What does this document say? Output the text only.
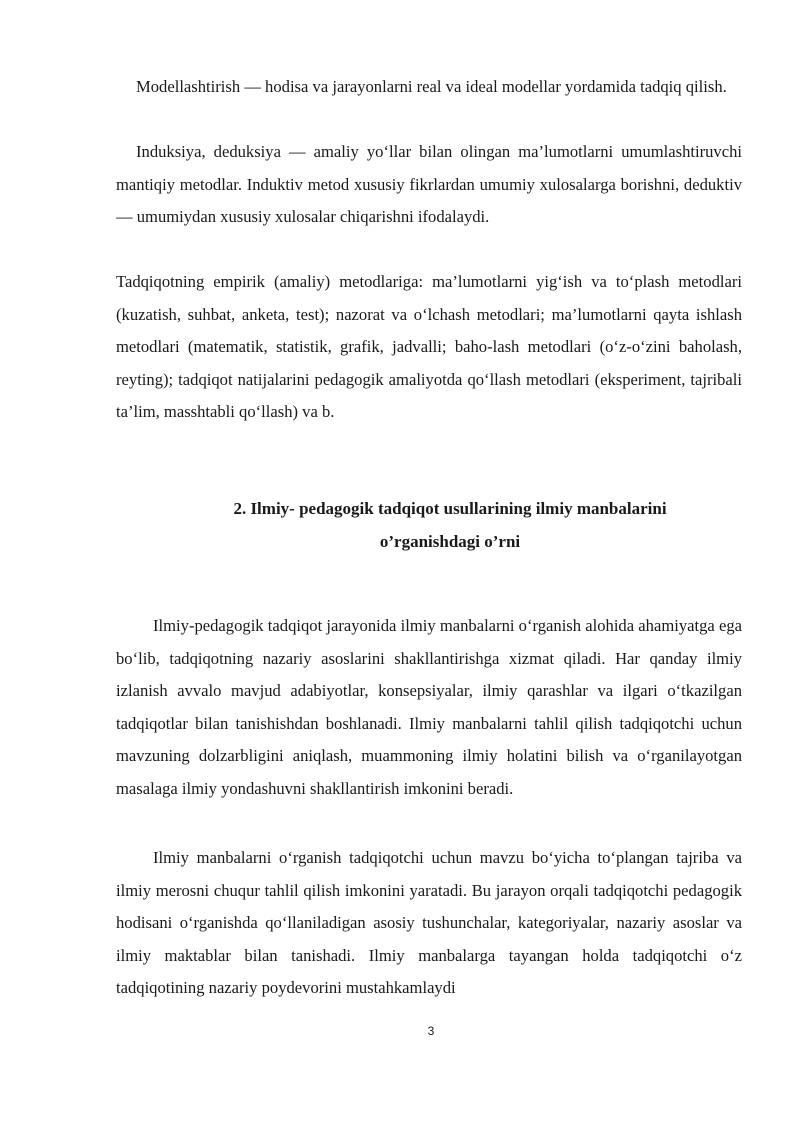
Modellashtirish — hodisa va jarayonlarni real va ideal modellar yordamida tadqiq qilish.

Induksiya, deduksiya — amaliy yo‘llar bilan olingan ma’lumotlarni umumlashtiruvchi mantiqiy metodlar. Induktiv metod xususiy fikrlardan umumiy xulosalarga borishni, deduktiv — umumiydan xususiy xulosalar chiqarishni ifodalaydi.

Tadqiqotning empirik (amaliy) metodlariga: ma’lumotlarni yig‘ish va to‘plash metodlari (kuzatish, suhbat, anketa, test); nazorat va o‘lchash metodlari; ma’lumotlarni qayta ishlash metodlari (matematik, statistik, grafik, jadvalli; baho-lash metodlari (o‘z-o‘zini baholash, reyting); tadqiqot natijalarini pedagogik amaliyotda qo‘llash metodlari (eksperiment, tajribali ta’lim, masshtabli qo‘llash) va b.

2. Ilmiy- pedagogik tadqiqot usullarining ilmiy manbalarini
o’rganishdagi o’rni

Ilmiy-pedagogik tadqiqot jarayonida ilmiy manbalarni o‘rganish alohida ahamiyatga ega bo‘lib, tadqiqotning nazariy asoslarini shakllantirishga xizmat qiladi. Har qanday ilmiy izlanish avvalo mavjud adabiyotlar, konsepsiyalar, ilmiy qarashlar va ilgari o‘tkazilgan tadqiqotlar bilan tanishishdan boshlanadi. Ilmiy manbalarni tahlil qilish tadqiqotchi uchun mavzuning dolzarbligini aniqlash, muammoning ilmiy holatini bilish va o‘rganilayotgan masalaga ilmiy yondashuvni shakllantirish imkonini beradi.

Ilmiy manbalarni o‘rganish tadqiqotchi uchun mavzu bo‘yicha to‘plangan tajriba va ilmiy merosni chuqur tahlil qilish imkonini yaratadi. Bu jarayon orqali tadqiqotchi pedagogik hodisani o‘rganishda qo‘llaniladigan asosiy tushunchalar, kategoriyalar, nazariy asoslar va ilmiy maktablar bilan tanishadi. Ilmiy manbalarga tayangan holda tadqiqotchi o‘z tadqiqotining nazariy poydevorini mustahkamlaydi

3
